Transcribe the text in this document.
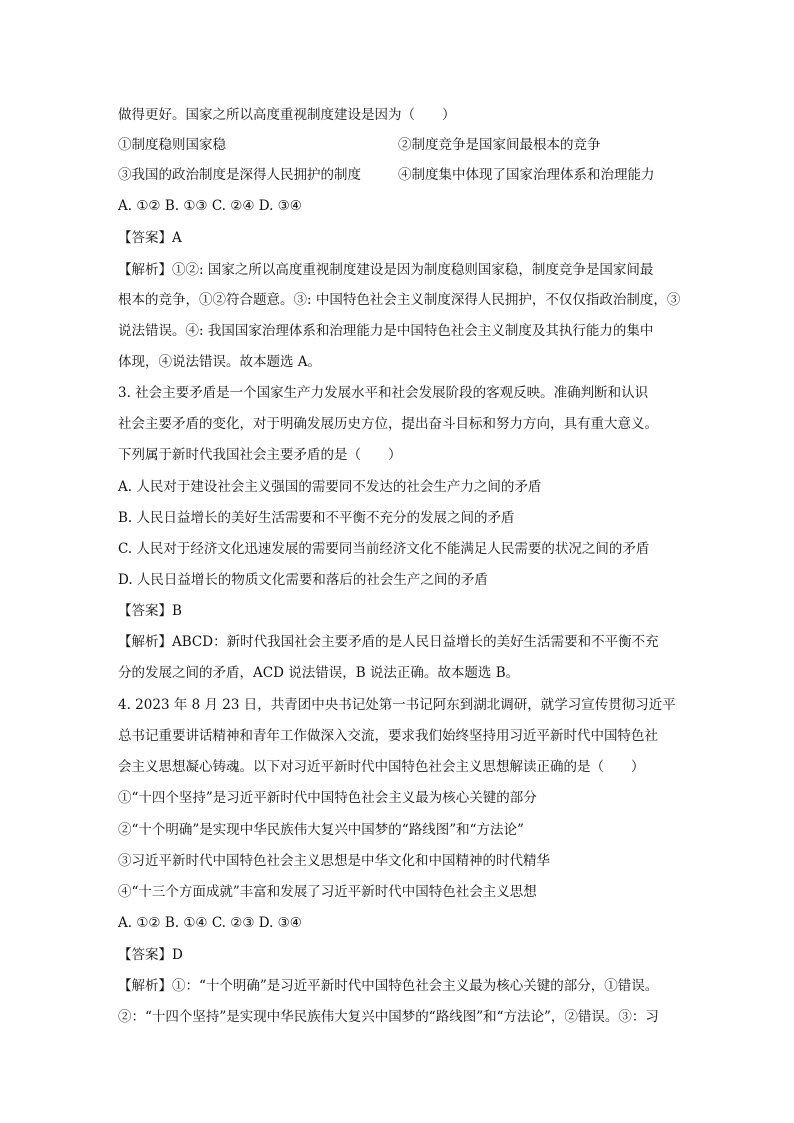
做得更好。国家之所以高度重视制度建设是因为（　　）
①制度稳则国家稳	②制度竞争是国家间最根本的竞争
③我国的政治制度是深得人民拥护的制度	④制度集中体现了国家治理体系和治理能力
A. ①② B. ①③ C. ②④ D. ③④
【答案】A
【解析】①②: 国家之所以高度重视制度建设是因为制度稳则国家稳，制度竞争是国家间最
根本的竞争，①②符合题意。③: 中国特色社会主义制度深得人民拥护，不仅仅指政治制度，③
说法错误。④: 我国国家治理体系和治理能力是中国特色社会主义制度及其执行能力的集中
体现，④说法错误。故本题选 A。
3. 社会主要矛盾是一个国家生产力发展水平和社会发展阶段的客观反映。准确判断和认识
社会主要矛盾的变化，对于明确发展历史方位，提出奋斗目标和努力方向，具有重大意义。
下列属于新时代我国社会主要矛盾的是（　　）
A. 人民对于建设社会主义强国的需要同不发达的社会生产力之间的矛盾
B. 人民日益增长的美好生活需要和不平衡不充分的发展之间的矛盾
C. 人民对于经济文化迅速发展的需要同当前经济文化不能满足人民需要的状况之间的矛盾
D. 人民日益增长的物质文化需要和落后的社会生产之间的矛盾
【答案】B
【解析】ABCD：新时代我国社会主要矛盾的是人民日益增长的美好生活需要和不平衡不充
分的发展之间的矛盾，ACD 说法错误，B 说法正确。故本题选 B。
4. 2023 年 8 月 23 日，共青团中央书记处第一书记阿东到湖北调研，就学习宣传贯彻习近平
总书记重要讲话精神和青年工作做深入交流，要求我们始终坚持用习近平新时代中国特色社
会主义思想凝心铸魂。以下对习近平新时代中国特色社会主义思想解读正确的是（　　）
①“十四个坚持”是习近平新时代中国特色社会主义最为核心关键的部分
②“十个明确”是实现中华民族伟大复兴中国梦的“路线图”和“方法论”
③习近平新时代中国特色社会主义思想是中华文化和中国精神的时代精华
④“十三个方面成就”丰富和发展了习近平新时代中国特色社会主义思想
A. ①② B. ①④ C. ②③ D. ③④
【答案】D
【解析】①：“十个明确”是习近平新时代中国特色社会主义最为核心关键的部分，①错误。
②：“十四个坚持”是实现中华民族伟大复兴中国梦的“路线图”和“方法论”，②错误。③：习
